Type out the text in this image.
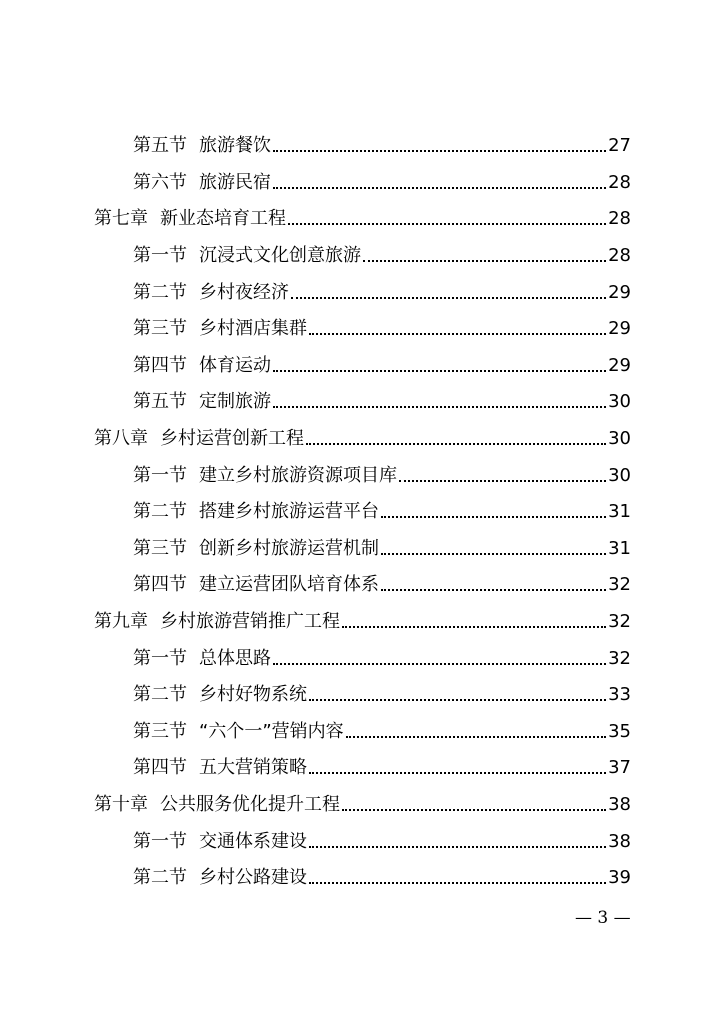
第五节 旅游餐饮	27
第六节 旅游民宿	28
第七章 新业态培育工程	28
第一节 沉浸式文化创意旅游	28
第二节 乡村夜经济	29
第三节 乡村酒店集群	29
第四节 体育运动	29
第五节 定制旅游	30
第八章 乡村运营创新工程	30
第一节 建立乡村旅游资源项目库	30
第二节 搭建乡村旅游运营平台	31
第三节 创新乡村旅游运营机制	31
第四节 建立运营团队培育体系	32
第九章 乡村旅游营销推广工程	32
第一节 总体思路	32
第二节 乡村好物系统	33
第三节 “六个一”营销内容	35
第四节 五大营销策略	37
第十章 公共服务优化提升工程	38
第一节 交通体系建设	38
第二节 乡村公路建设	39
— 3 —
